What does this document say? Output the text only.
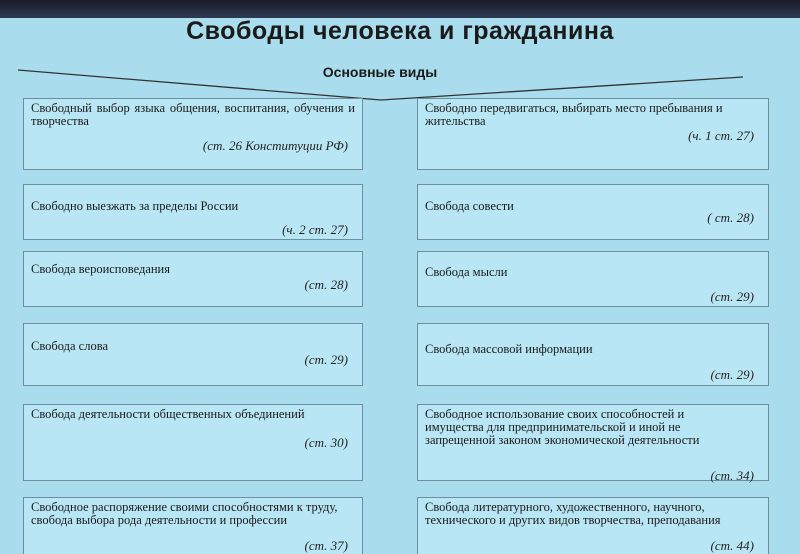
Свободы человека и гражданина
Основные виды
Свободный выбор языка общения, воспитания, обучения и творчества
(ст. 26 Конституции РФ)
Свободно выезжать за пределы России
(ч. 2 ст. 27)
Свобода вероисповедания
(ст. 28)
Свобода слова
(ст. 29)
Свобода деятельности общественных объединений
(ст. 30)
Свободное распоряжение своими способностями к труду, свобода выбора рода деятельности и профессии
(ст. 37)
Свободно передвигаться, выбирать место пребывания и жительства
(ч. 1 ст. 27)
Свобода совести
( ст. 28)
Свобода мысли
(ст. 29)
Свобода массовой информации
(ст. 29)
Свободное использование своих способностей и имущества для предпринимательской и иной не запрещенной законом экономической деятельности
(ст. 34)
Свобода литературного, художественного, научного, технического и других видов творчества, преподавания
(ст. 44)
